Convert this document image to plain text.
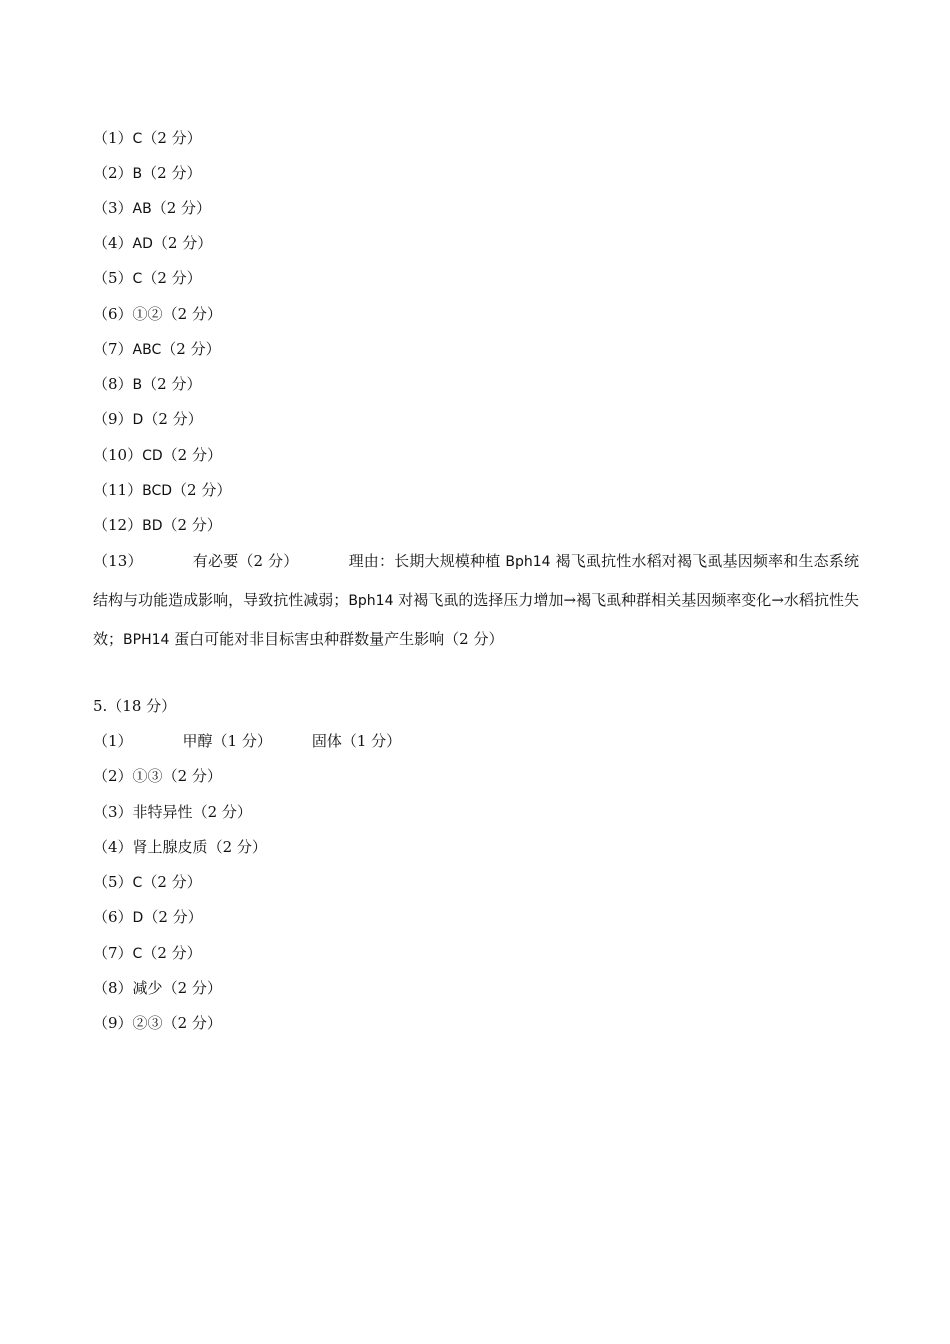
（1）C（2 分）
（2）B（2 分）
（3）AB（2 分）
（4）AD（2 分）
（5）C（2 分）
（6）①②（2 分）
（7）ABC（2 分）
（8）B（2 分）
（9）D（2 分）
（10）CD（2 分）
（11）BCD（2 分）
（12）BD（2 分）
（13）	有必要（2 分）	理由：长期大规模种植 Bph14 褐飞虱抗性水稻对褐飞虱基因频率和生态系统结构与功能造成影响，导致抗性减弱；Bph14 对褐飞虱的选择压力增加→褐飞虱种群相关基因频率变化→水稻抗性失效；BPH14 蛋白可能对非目标害虫种群数量产生影响（2 分）
5.（18 分）
（1）	甲醇（1 分）	固体（1 分）
（2）①③（2 分）
（3）非特异性（2 分）
（4）肾上腺皮质（2 分）
（5）C（2 分）
（6）D（2 分）
（7）C（2 分）
（8）减少（2 分）
（9）②③（2 分）
